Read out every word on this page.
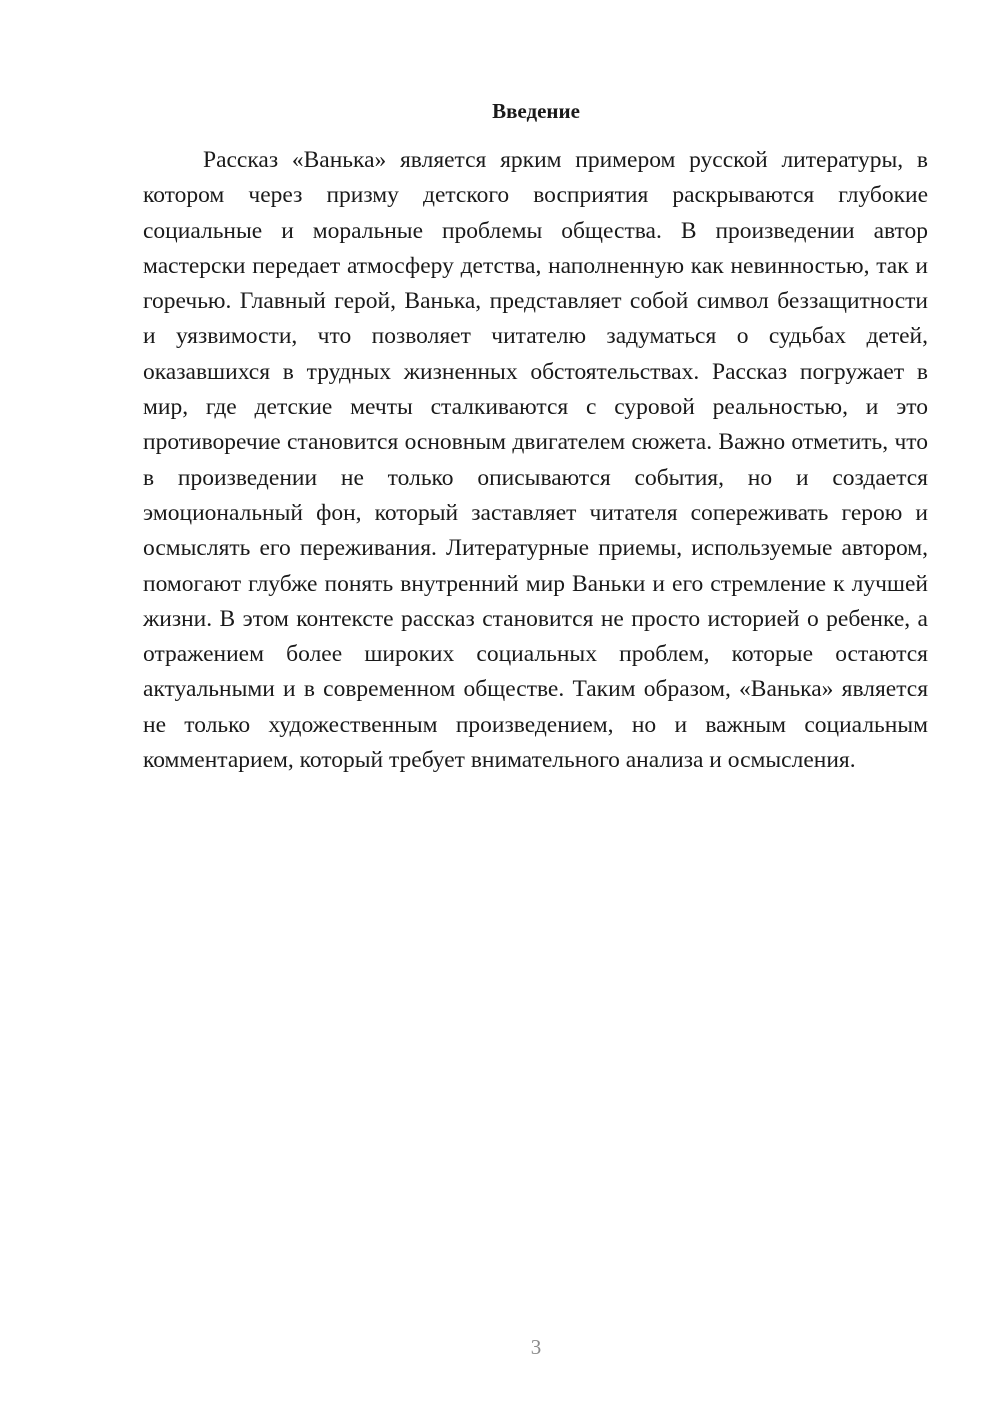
Введение

Рассказ «Ванька» является ярким примером русской литературы, в котором через призму детского восприятия раскрываются глубокие социальные и моральные проблемы общества. В произведении автор мастерски передает атмосферу детства, наполненную как невинностью, так и горечью. Главный герой, Ванька, представляет собой символ беззащитности и уязвимости, что позволяет читателю задуматься о судьбах детей, оказавшихся в трудных жизненных обстоятельствах. Рассказ погружает в мир, где детские мечты сталкиваются с суровой реальностью, и это противоречие становится основным двигателем сюжета. Важно отметить, что в произведении не только описываются события, но и создается эмоциональный фон, который заставляет читателя сопереживать герою и осмыслять его переживания. Литературные приемы, используемые автором, помогают глубже понять внутренний мир Ваньки и его стремление к лучшей жизни. В этом контексте рассказ становится не просто историей о ребенке, а отражением более широких социальных проблем, которые остаются актуальными и в современном обществе. Таким образом, «Ванька» является не только художественным произведением, но и важным социальным комментарием, который требует внимательного анализа и осмысления.

3
